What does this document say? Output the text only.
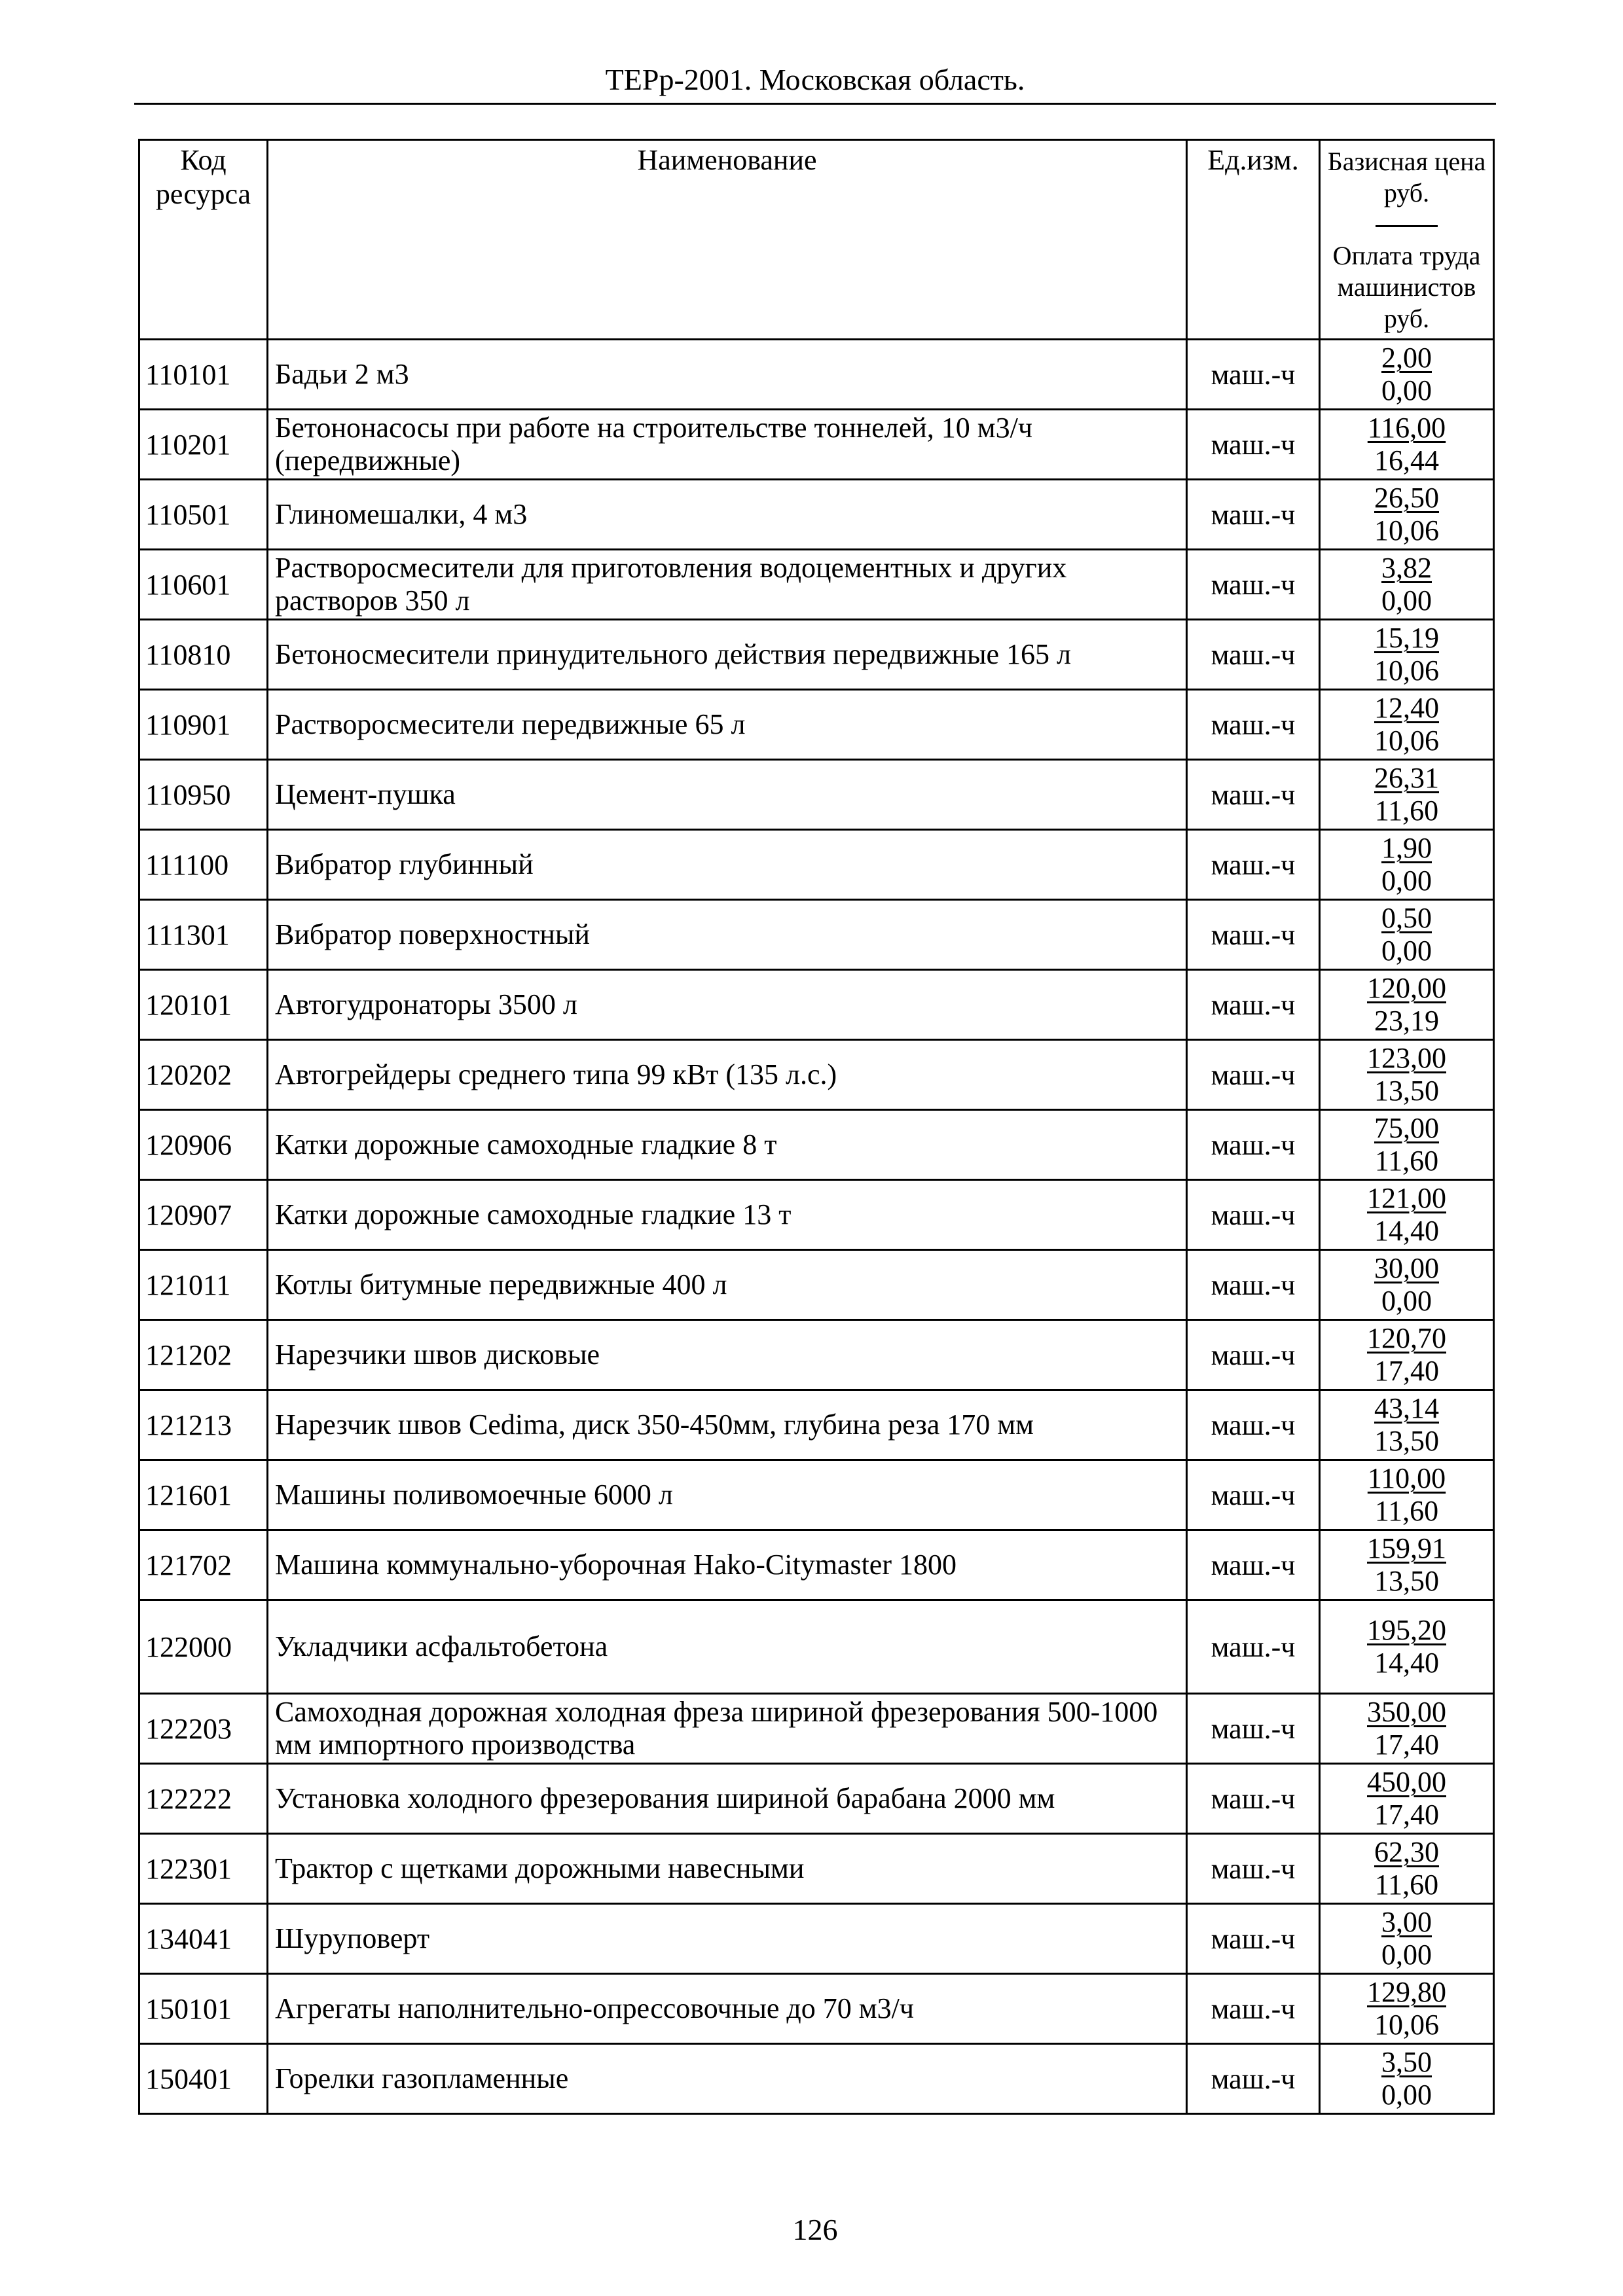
ТЕРр-2001. Московская область.
Код ресурса	Наименование	Ед.изм.	Базисная цена руб.
Оплата труда машинистов руб.

110101	Бадьи 2 м3	маш.-ч	2,00
0,00

110201	Бетононасосы при работе на строительстве тоннелей, 10 м3/ч (передвижные)	маш.-ч	116,00
16,44

110501	Глиномешалки, 4 м3	маш.-ч	26,50
10,06

110601	Растворосмесители для приготовления водоцементных и других растворов 350 л	маш.-ч	3,82
0,00

110810	Бетоносмесители принудительного действия передвижные 165 л	маш.-ч	15,19
10,06

110901	Растворосмесители передвижные 65 л	маш.-ч	12,40
10,06

110950	Цемент-пушка	маш.-ч	26,31
11,60

111100	Вибратор глубинный	маш.-ч	1,90
0,00

111301	Вибратор поверхностный	маш.-ч	0,50
0,00

120101	Автогудронаторы 3500 л	маш.-ч	120,00
23,19

120202	Автогрейдеры среднего типа 99 кВт (135 л.с.)	маш.-ч	123,00
13,50

120906	Катки дорожные самоходные гладкие 8 т	маш.-ч	75,00
11,60

120907	Катки дорожные самоходные гладкие 13 т	маш.-ч	121,00
14,40

121011	Котлы битумные передвижные 400 л	маш.-ч	30,00
0,00

121202	Нарезчики швов дисковые	маш.-ч	120,70
17,40

121213	Нарезчик швов Cedima, диск 350-450мм, глубина реза 170 мм	маш.-ч	43,14
13,50

121601	Машины поливомоечные 6000 л	маш.-ч	110,00
11,60

121702	Машина коммунально-уборочная Hako-Citymaster 1800	маш.-ч	159,91
13,50

122000	Укладчики асфальтобетона	маш.-ч	195,20
14,40

122203	Самоходная дорожная холодная фреза шириной фрезерования 500-1000 мм импортного производства	маш.-ч	350,00
17,40

122222	Установка холодного фрезерования шириной барабана 2000 мм	маш.-ч	450,00
17,40

122301	Трактор с щетками дорожными навесными	маш.-ч	62,30
11,60

134041	Шуруповерт	маш.-ч	3,00
0,00

150101	Агрегаты наполнительно-опрессовочные до 70 м3/ч	маш.-ч	129,80
10,06

150401	Горелки газопламенные	маш.-ч	3,50
0,00
126
